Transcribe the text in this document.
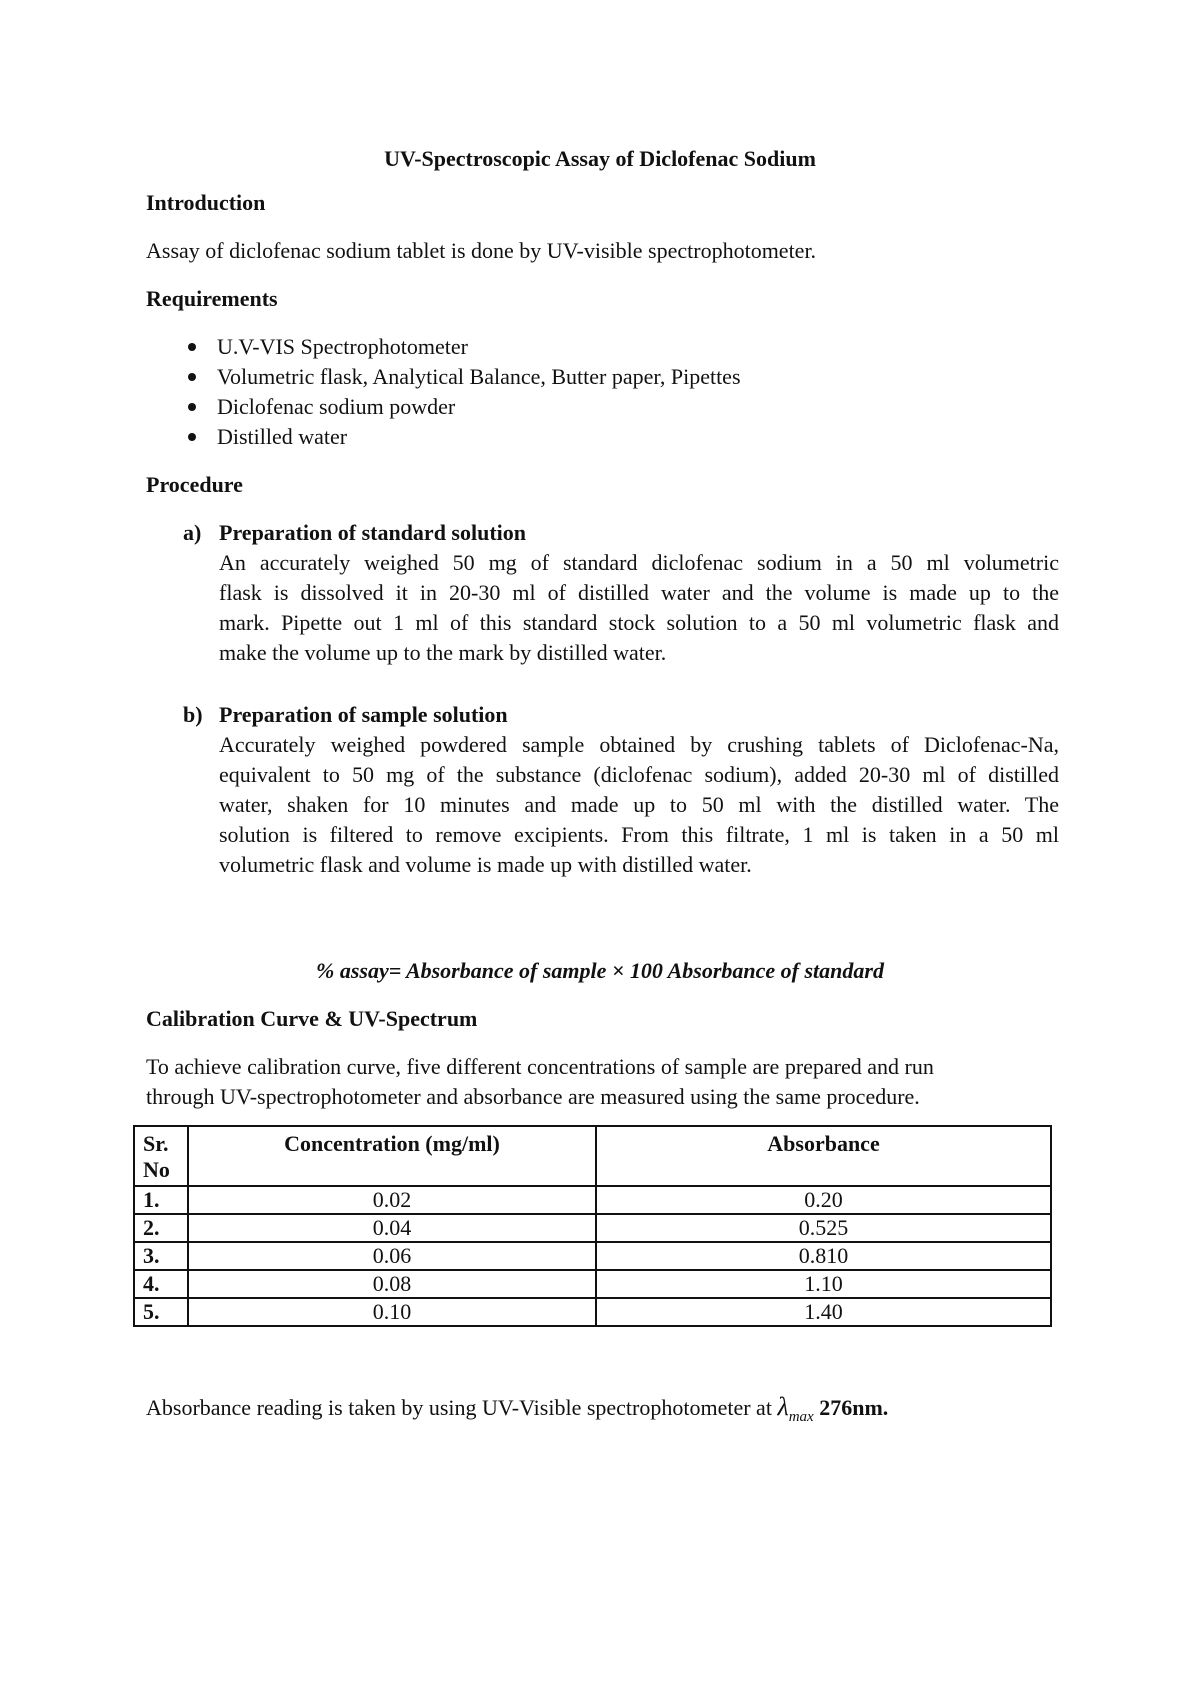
UV-Spectroscopic Assay of Diclofenac Sodium
Introduction
Assay of diclofenac sodium tablet is done by UV-visible spectrophotometer.
Requirements
U.V-VIS Spectrophotometer
Volumetric flask, Analytical Balance, Butter paper, Pipettes
Diclofenac sodium powder
Distilled water
Procedure
a) Preparation of standard solution
An accurately weighed 50 mg of standard diclofenac sodium in a 50 ml volumetric
flask is dissolved it in 20-30 ml of distilled water and the volume is made up to the
mark. Pipette out 1 ml of this standard stock solution to a 50 ml volumetric flask and
make the volume up to the mark by distilled water.
b) Preparation of sample solution
Accurately weighed powdered sample obtained by crushing tablets of Diclofenac-Na,
equivalent to 50 mg of the substance (diclofenac sodium), added 20-30 ml of distilled
water, shaken for 10 minutes and made up to 50 ml with the distilled water. The
solution is filtered to remove excipients. From this filtrate, 1 ml is taken in a 50 ml
volumetric flask and volume is made up with distilled water.
% assay= Absorbance of sample × 100 Absorbance of standard
Calibration Curve & UV-Spectrum
To achieve calibration curve, five different concentrations of sample are prepared and run
through UV-spectrophotometer and absorbance are measured using the same procedure.
Sr. No	Concentration (mg/ml)	Absorbance
1.	0.02	0.20
2.	0.04	0.525
3.	0.06	0.810
4.	0.08	1.10
5.	0.10	1.40
Absorbance reading is taken by using UV-Visible spectrophotometer at $\lambda_{max}$ 276nm.
